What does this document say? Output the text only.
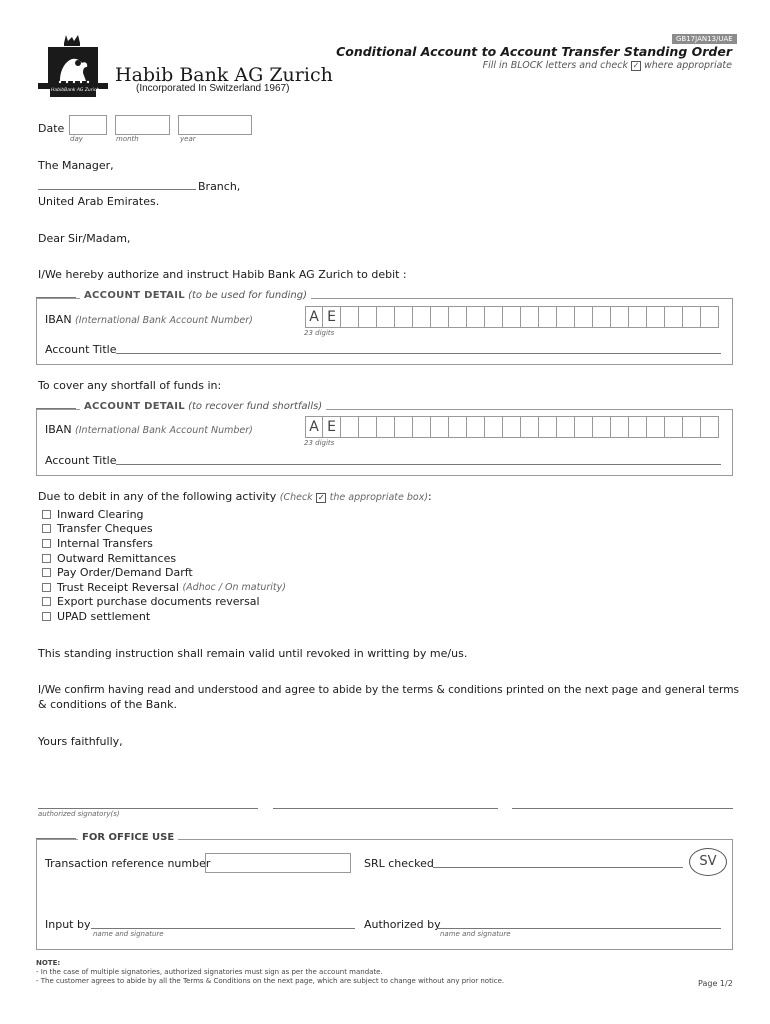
HabibBank AG Zurich
GB17JAN13/UAE
Conditional Account to Account Transfer Standing Order
Fill in BLOCK letters and check ✓ where appropriate
Habib Bank AG Zurich
(Incorporated In Switzerland 1967)
Date
day	month	year
The Manager,
Branch,
United Arab Emirates.
Dear Sir/Madam,
I/We hereby authorize and instruct Habib Bank AG Zurich to debit :
ACCOUNT DETAIL (to be used for funding)
IBAN (International Bank Account Number)	A E
23 digits
Account Title
To cover any shortfall of funds in:
ACCOUNT DETAIL (to recover fund shortfalls)
IBAN (International Bank Account Number)	A E
23 digits
Account Title
Due to debit in any of the following activity (Check ✓ the appropriate box):
Inward Clearing
Transfer Cheques
Internal Transfers
Outward Remittances
Pay Order/Demand Darft
Trust Receipt Reversal
(Adhoc / On maturity)
Export purchase documents reversal
UPAD settlement
This standing instruction shall remain valid until revoked in writting by me/us.
I/We confirm having read and understood and agree to abide by the terms & conditions printed on the next page and general terms
& conditions of the Bank.
Yours faithfully,
authorized signatory(s)
FOR OFFICE USE
Transaction reference number	SRL checked	SV
Input by
name and signature
Authorized by
name and signature
NOTE:
- In the case of multiple signatories, authorized signatories must sign as per the account mandate.
- The customer agrees to abide by all the Terms & Conditions on the next page, which are subject to change without any prior notice.	Page 1/2
